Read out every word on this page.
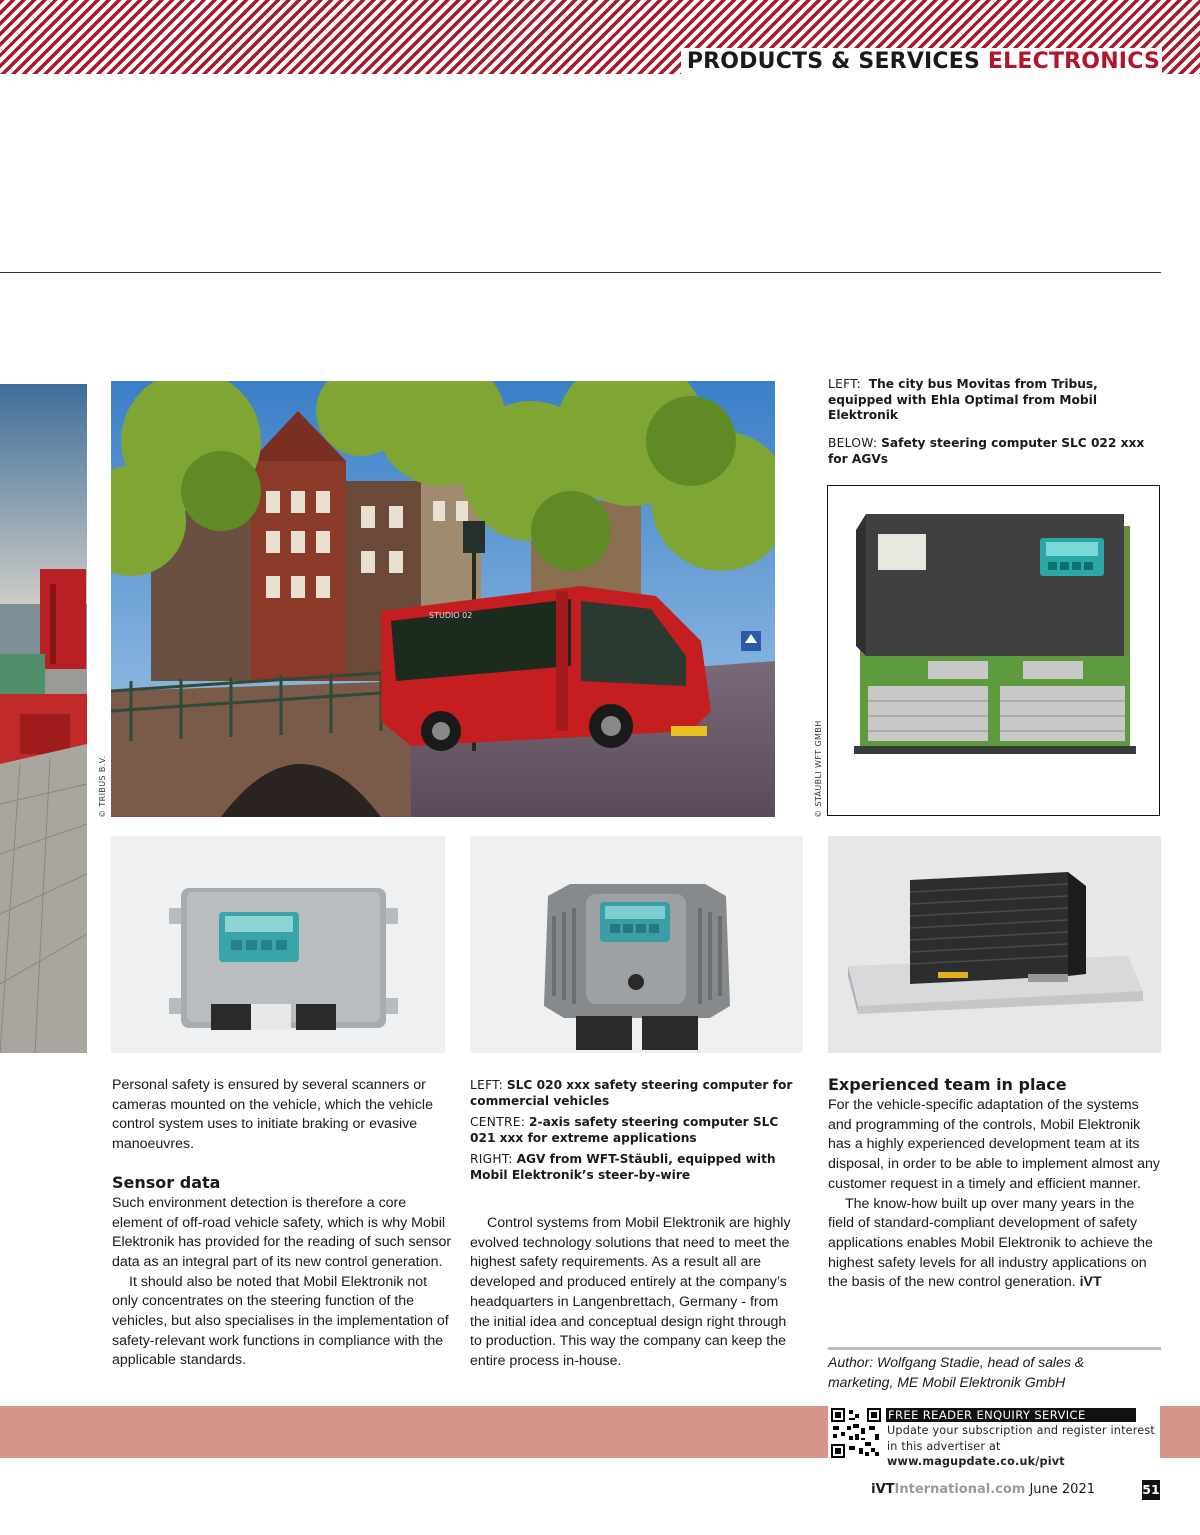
PRODUCTS & SERVICES ELECTRONICS
STUDIO 02
© TRIBUS B.V.
LEFT: The city bus Movitas from Tribus, equipped with Ehla Optimal from Mobil Elektronik
BELOW: Safety steering computer SLC 022 xxx for AGVs
© STÄUBLI WFT GMBH

Personal safety is ensured by several scanners or cameras mounted on the vehicle, which the vehicle control system uses to initiate braking or evasive manoeuvres.

Sensor data

Such environment detection is therefore a core element of off-road vehicle safety, which is why Mobil Elektronik has provided for the reading of such sensor data as an integral part of its new control generation.

It should also be noted that Mobil Elektronik not only concentrates on the steering function of the vehicles, but also specialises in the implementation of safety-relevant work functions in compliance with the applicable standards.

LEFT: SLC 020 xxx safety steering computer for commercial vehicles
CENTRE: 2-axis safety steering computer SLC 021 xxx for extreme applications
RIGHT: AGV from WFT-Stäubli, equipped with Mobil Elektronik’s steer-by-wire

Control systems from Mobil Elektronik are highly evolved technology solutions that need to meet the highest safety requirements. As a result all are developed and produced entirely at the company’s headquarters in Langenbrettach, Germany - from the initial idea and conceptual design right through to production. This way the company can keep the entire process in-house.

Experienced team in place

For the vehicle-specific adaptation of the systems and programming of the controls, Mobil Elektronik has a highly experienced development team at its disposal, in order to be able to implement almost any customer request in a timely and efficient manner.

The know-how built up over many years in the field of standard-compliant development of safety applications enables Mobil Elektronik to achieve the highest safety levels for all industry applications on the basis of the new control generation. iVT

Author: Wolfgang Stadie, head of sales & marketing, ME Mobil Elektronik GmbH
FREE READER ENQUIRY SERVICE
Update your subscription and register interest in this advertiser at www.magupdate.co.uk/pivt
iVTInternational.com June 2021	51
